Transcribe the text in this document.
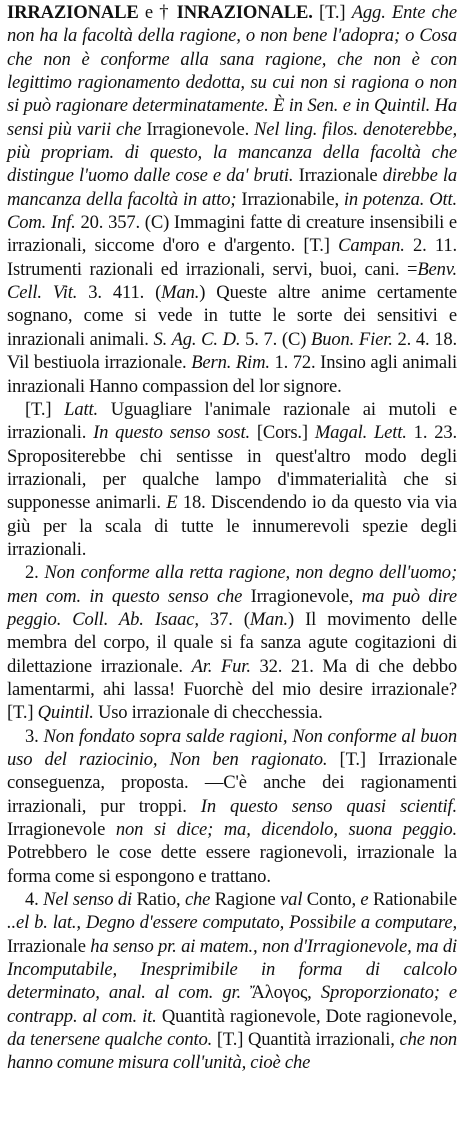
IRRAZIONALE e † INRAZIONALE. [T.] Agg. Ente che non ha la facoltà della ragione, o non bene l'adopra; o Cosa che non è conforme alla sana ragione, che non è con legittimo ragionamento dedotta, su cui non si ragiona o non si può ragionare determinatamente. È in Sen. e in Quintil. Ha sensi più varii che Irragionevole. Nel ling. filos. denoterebbe, più propriam. di questo, la mancanza della facoltà che distingue l'uomo dalle cose e da' bruti. Irrazionale direbbe la mancanza della facoltà in atto; Irrazionabile, in potenza. Ott. Com. Inf. 20. 357. (C) Immagini fatte di creature insensibili e irrazionali, siccome d'oro e d'argento. [T.] Campan. 2. 11. Istrumenti razionali ed irrazionali, servi, buoi, cani. =Benv. Cell. Vit. 3. 411. (Man.) Queste altre anime certamente sognano, come si vede in tutte le sorte dei sensitivi e inrazionali animali. S. Ag. C. D. 5. 7. (C) Buon. Fier. 2. 4. 18. Vil bestiuola irrazionale. Bern. Rim. 1. 72. Insino agli animali inrazionali Hanno compassion del lor signore.

[T.] Latt. Uguagliare l'animale razionale ai mutoli e irrazionali. In questo senso sost. [Cors.] Magal. Lett. 1. 23. Spropositerebbe chi sentisse in quest'altro modo degli irrazionali, per qualche lampo d'immaterialità che si supponesse animarli. E 18. Discendendo io da questo via via giù per la scala di tutte le innumerevoli spezie degli irrazionali.

2. Non conforme alla retta ragione, non degno dell'uomo; men com. in questo senso che Irragionevole, ma può dire peggio. Coll. Ab. Isaac, 37. (Man.) Il movimento delle membra del corpo, il quale si fa sanza agute cogitazioni di dilettazione irrazionale. Ar. Fur. 32. 21. Ma di che debbo lamentarmi, ahi lassa! Fuorchè del mio desire irrazionale? [T.] Quintil. Uso irrazionale di checchessia.

3. Non fondato sopra salde ragioni, Non conforme al buon uso del raziocinio, Non ben ragionato. [T.] Irrazionale conseguenza, proposta. —C'è anche dei ragionamenti irrazionali, pur troppi. In questo senso quasi scientif. Irragionevole non si dice; ma, dicendolo, suona peggio. Potrebbero le cose dette essere ragionevoli, irrazionale la forma come si espongono e trattano.

4. Nel senso di Ratio, che Ragione val Conto, e Rationabile ..el b. lat., Degno d'essere computato, Possibile a computare, Irrazionale ha senso pr. ai matem., non d'Irragionevole, ma di Incomputabile, Inesprimibile in forma di calcolo determinato, anal. al com. gr. Ἄλογος, Sproporzionato; e contrapp. al com. it. Quantità ragionevole, Dote ragionevole, da tenersene qualche conto. [T.] Quantità irrazionali, che non hanno comune misura coll'unità, cioè che
